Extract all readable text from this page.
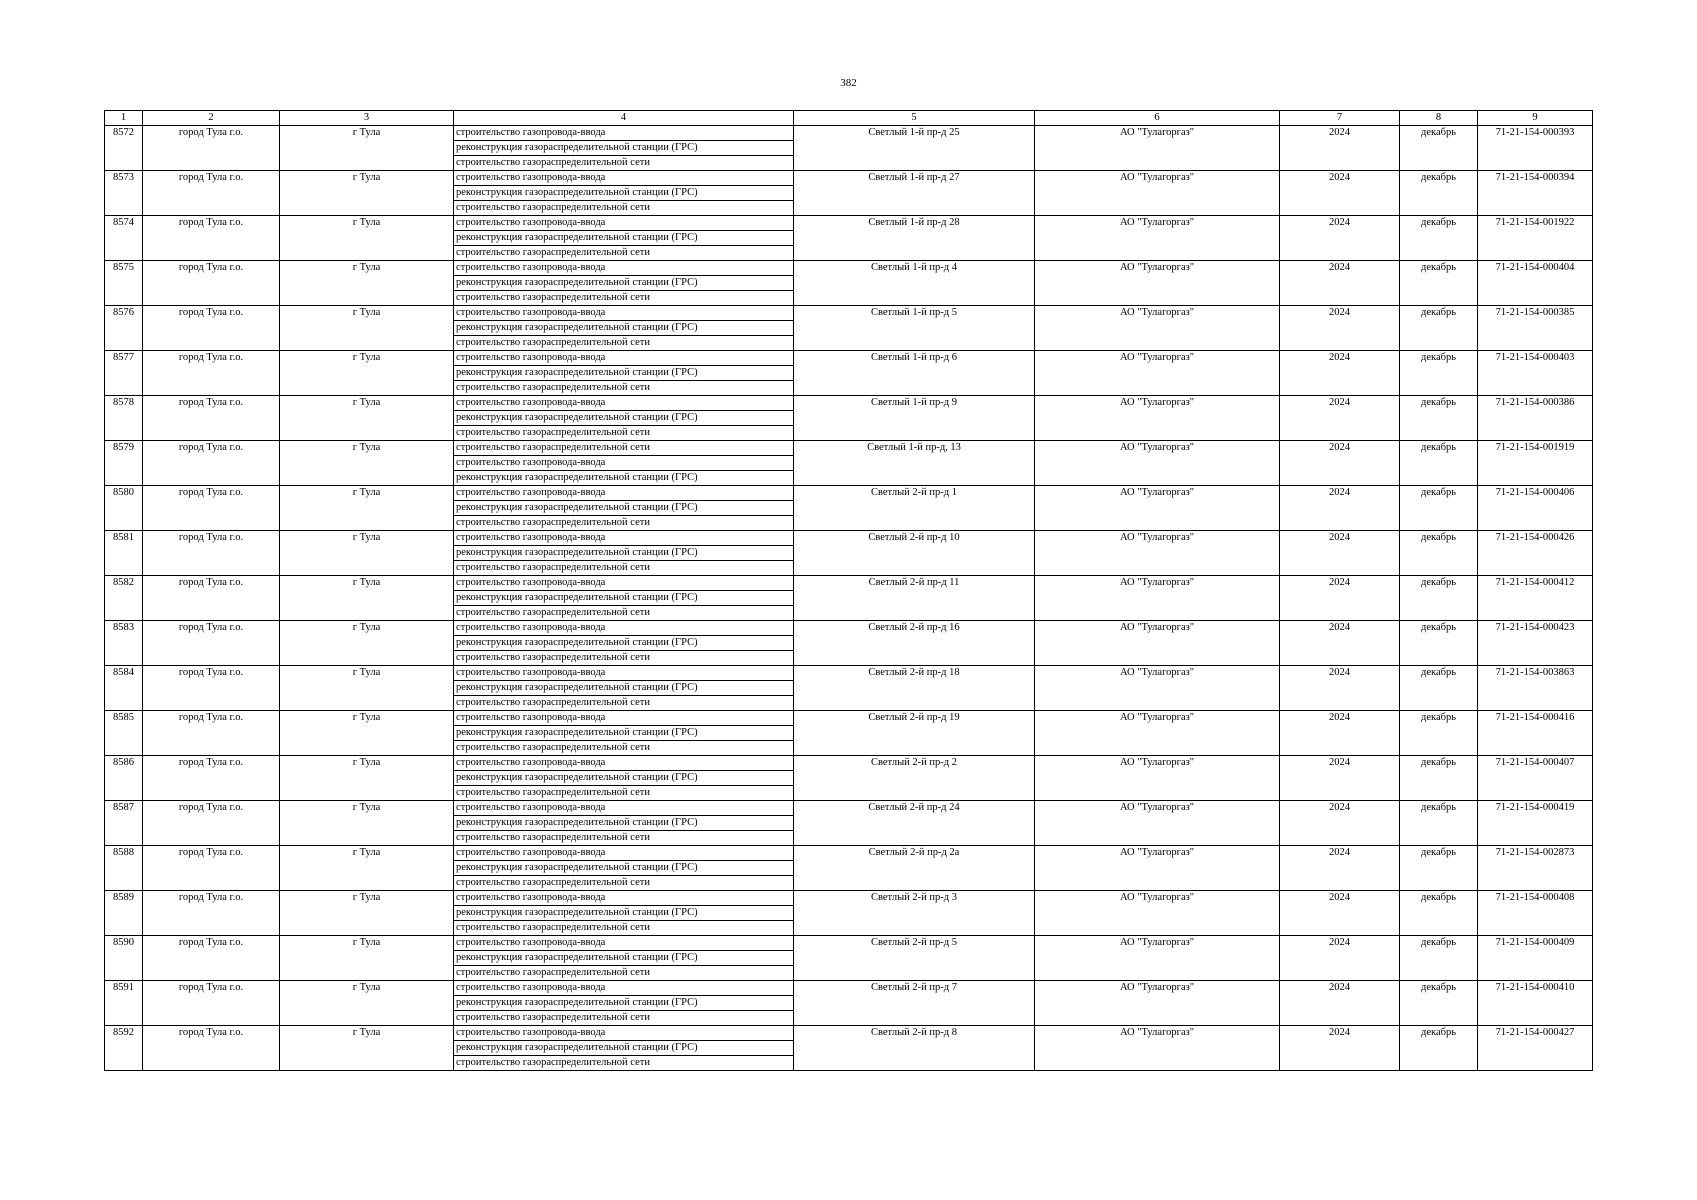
382
1	2	3	4	5	6	7	8	9
8572	город Тула г.о.	г Тула	строительство газопровода-ввода
реконструкция газораспределительной станции (ГРС)
строительство газораспределительной сети	Светлый 1-й пр-д 25	АО "Тулагоргаз"	2024	декабрь	71-21-154-000393
8573	город Тула г.о.	г Тула	строительство газопровода-ввода
реконструкция газораспределительной станции (ГРС)
строительство газораспределительной сети	Светлый 1-й пр-д 27	АО "Тулагоргаз"	2024	декабрь	71-21-154-000394
8574	город Тула г.о.	г Тула	строительство газопровода-ввода
реконструкция газораспределительной станции (ГРС)
строительство газораспределительной сети	Светлый 1-й пр-д 28	АО "Тулагоргаз"	2024	декабрь	71-21-154-001922
8575	город Тула г.о.	г Тула	строительство газопровода-ввода
реконструкция газораспределительной станции (ГРС)
строительство газораспределительной сети	Светлый 1-й пр-д 4	АО "Тулагоргаз"	2024	декабрь	71-21-154-000404
8576	город Тула г.о.	г Тула	строительство газопровода-ввода
реконструкция газораспределительной станции (ГРС)
строительство газораспределительной сети	Светлый 1-й пр-д 5	АО "Тулагоргаз"	2024	декабрь	71-21-154-000385
8577	город Тула г.о.	г Тула	строительство газопровода-ввода
реконструкция газораспределительной станции (ГРС)
строительство газораспределительной сети	Светлый 1-й пр-д 6	АО "Тулагоргаз"	2024	декабрь	71-21-154-000403
8578	город Тула г.о.	г Тула	строительство газопровода-ввода
реконструкция газораспределительной станции (ГРС)
строительство газораспределительной сети	Светлый 1-й пр-д 9	АО "Тулагоргаз"	2024	декабрь	71-21-154-000386
8579	город Тула г.о.	г Тула	строительство газораспределительной сети
строительство газопровода-ввода
реконструкция газораспределительной станции (ГРС)	Светлый 1-й пр-д, 13	АО "Тулагоргаз"	2024	декабрь	71-21-154-001919
8580	город Тула г.о.	г Тула	строительство газопровода-ввода
реконструкция газораспределительной станции (ГРС)
строительство газораспределительной сети	Светлый 2-й пр-д 1	АО "Тулагоргаз"	2024	декабрь	71-21-154-000406
8581	город Тула г.о.	г Тула	строительство газопровода-ввода
реконструкция газораспределительной станции (ГРС)
строительство газораспределительной сети	Светлый 2-й пр-д 10	АО "Тулагоргаз"	2024	декабрь	71-21-154-000426
8582	город Тула г.о.	г Тула	строительство газопровода-ввода
реконструкция газораспределительной станции (ГРС)
строительство газораспределительной сети	Светлый 2-й пр-д 11	АО "Тулагоргаз"	2024	декабрь	71-21-154-000412
8583	город Тула г.о.	г Тула	строительство газопровода-ввода
реконструкция газораспределительной станции (ГРС)
строительство газораспределительной сети	Светлый 2-й пр-д 16	АО "Тулагоргаз"	2024	декабрь	71-21-154-000423
8584	город Тула г.о.	г Тула	строительство газопровода-ввода
реконструкция газораспределительной станции (ГРС)
строительство газораспределительной сети	Светлый 2-й пр-д 18	АО "Тулагоргаз"	2024	декабрь	71-21-154-003863
8585	город Тула г.о.	г Тула	строительство газопровода-ввода
реконструкция газораспределительной станции (ГРС)
строительство газораспределительной сети	Светлый 2-й пр-д 19	АО "Тулагоргаз"	2024	декабрь	71-21-154-000416
8586	город Тула г.о.	г Тула	строительство газопровода-ввода
реконструкция газораспределительной станции (ГРС)
строительство газораспределительной сети	Светлый 2-й пр-д 2	АО "Тулагоргаз"	2024	декабрь	71-21-154-000407
8587	город Тула г.о.	г Тула	строительство газопровода-ввода
реконструкция газораспределительной станции (ГРС)
строительство газораспределительной сети	Светлый 2-й пр-д 24	АО "Тулагоргаз"	2024	декабрь	71-21-154-000419
8588	город Тула г.о.	г Тула	строительство газопровода-ввода
реконструкция газораспределительной станции (ГРС)
строительство газораспределительной сети	Светлый 2-й пр-д 2а	АО "Тулагоргаз"	2024	декабрь	71-21-154-002873
8589	город Тула г.о.	г Тула	строительство газопровода-ввода
реконструкция газораспределительной станции (ГРС)
строительство газораспределительной сети	Светлый 2-й пр-д 3	АО "Тулагоргаз"	2024	декабрь	71-21-154-000408
8590	город Тула г.о.	г Тула	строительство газопровода-ввода
реконструкция газораспределительной станции (ГРС)
строительство газораспределительной сети	Светлый 2-й пр-д 5	АО "Тулагоргаз"	2024	декабрь	71-21-154-000409
8591	город Тула г.о.	г Тула	строительство газопровода-ввода
реконструкция газораспределительной станции (ГРС)
строительство газораспределительной сети	Светлый 2-й пр-д 7	АО "Тулагоргаз"	2024	декабрь	71-21-154-000410
8592	город Тула г.о.	г Тула	строительство газопровода-ввода
реконструкция газораспределительной станции (ГРС)
строительство газораспределительной сети	Светлый 2-й пр-д 8	АО "Тулагоргаз"	2024	декабрь	71-21-154-000427
